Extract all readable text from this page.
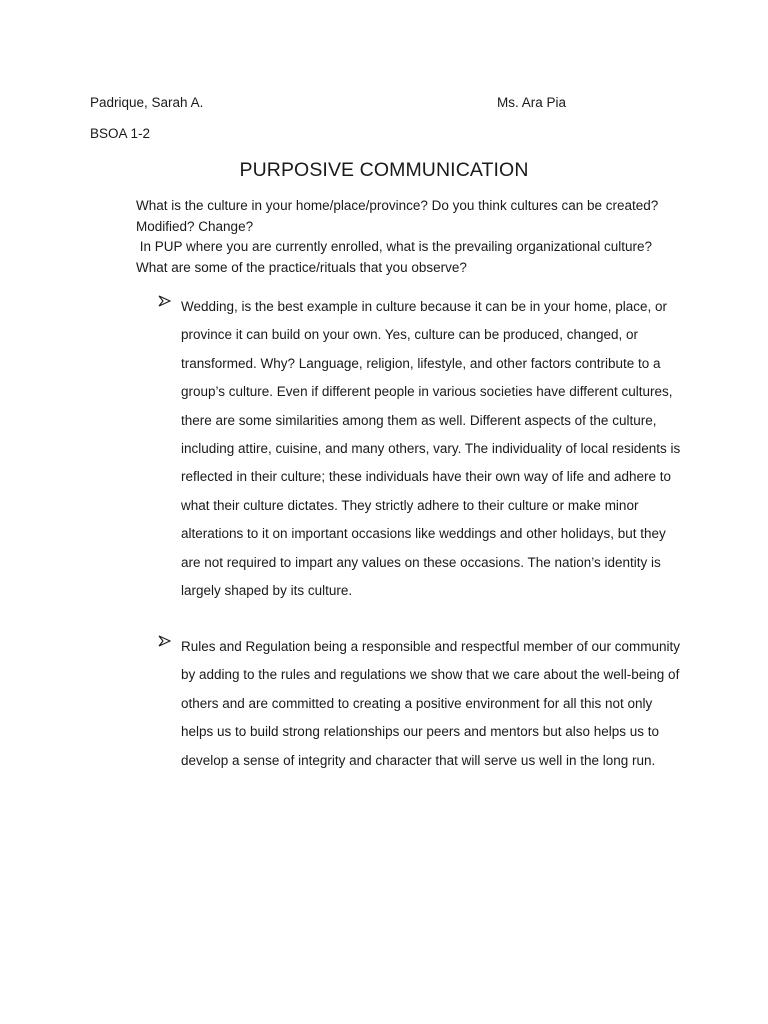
Padrique, Sarah A.	Ms. Ara Pia
BSOA 1-2
PURPOSIVE COMMUNICATION

What is the culture in your home/place/province? Do you think cultures can be created?

Modified? Change?

In PUP where you are currently enrolled, what is the prevailing organizational culture?

What are some of the practice/rituals that you observe?

Wedding, is the best example in culture because it can be in your home, place, or province it can build on your own. Yes, culture can be produced, changed, or transformed. Why? Language, religion, lifestyle, and other factors contribute to a group’s culture. Even if different people in various societies have different cultures, there are some similarities among them as well. Different aspects of the culture, including attire, cuisine, and many others, vary. The individuality of local residents is reflected in their culture; these individuals have their own way of life and adhere to what their culture dictates. They strictly adhere to their culture or make minor alterations to it on important occasions like weddings and other holidays, but they are not required to impart any values on these occasions. The nation’s identity is largely shaped by its culture.
Rules and Regulation being a responsible and respectful member of our community by adding to the rules and regulations we show that we care about the well-being of others and are committed to creating a positive environment for all this not only helps us to build strong relationships our peers and mentors but also helps us to develop a sense of integrity and character that will serve us well in the long run.
